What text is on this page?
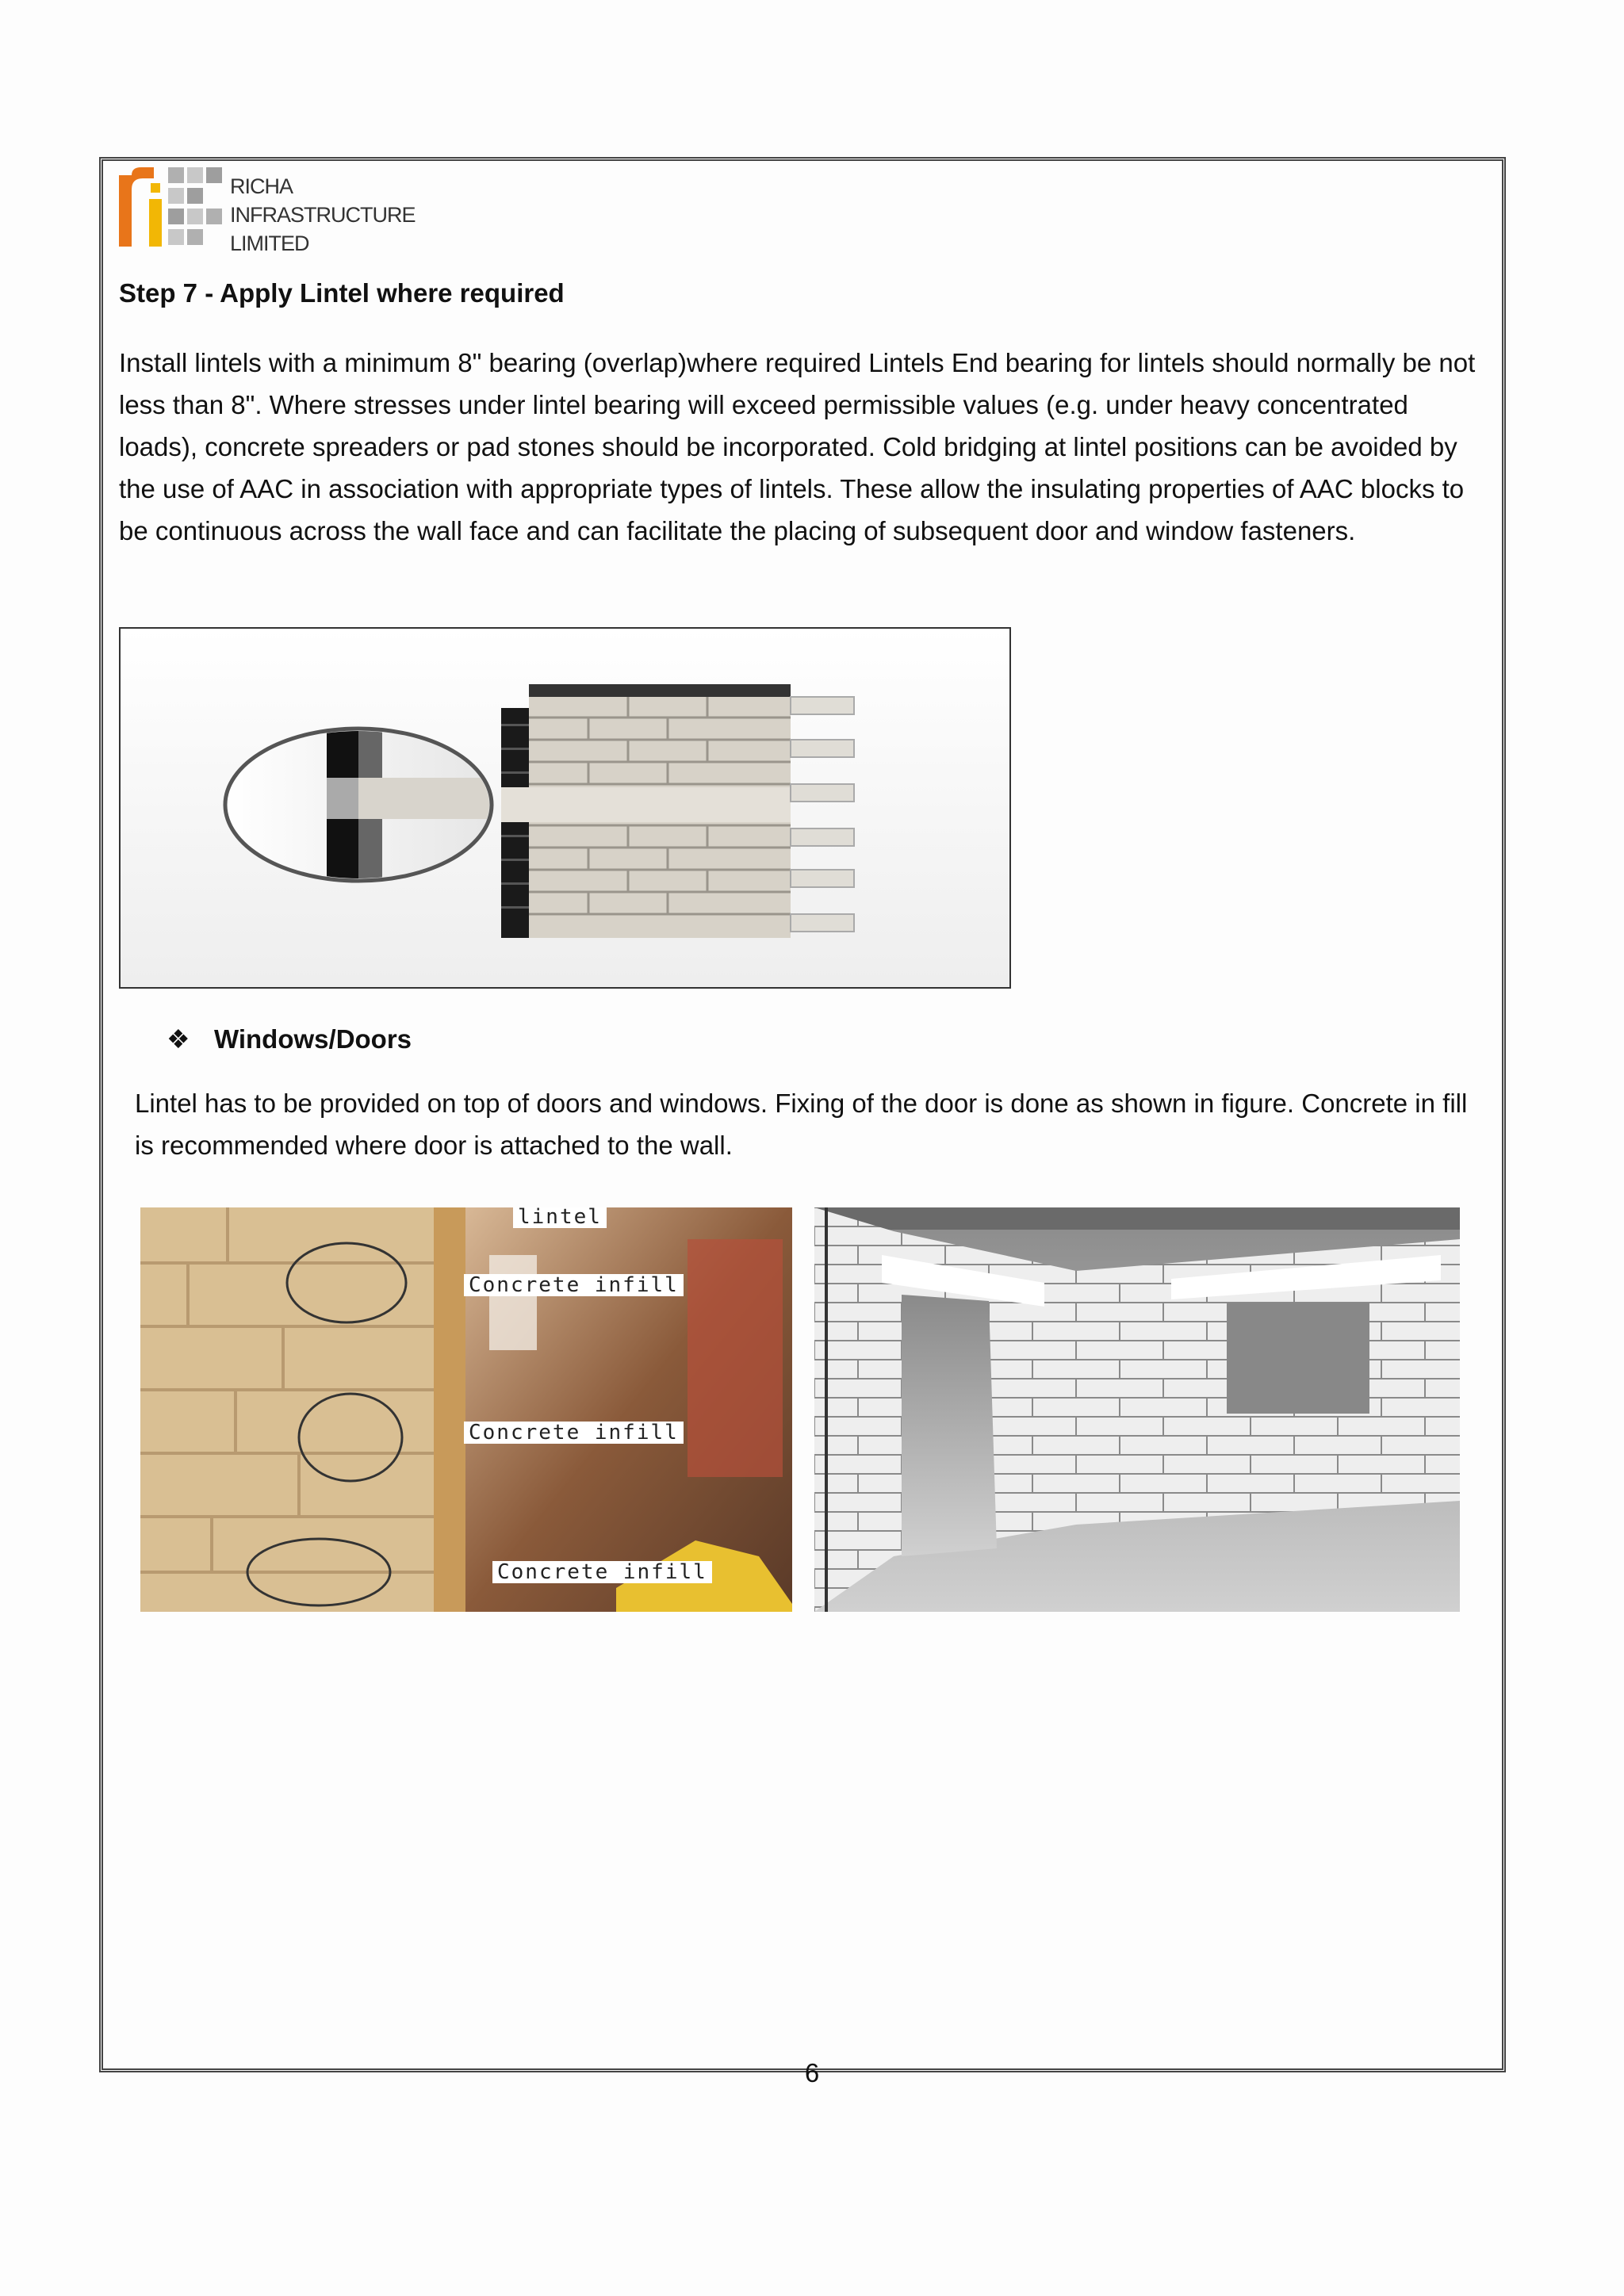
RICHA
INFRASTRUCTURE
LIMITED
Step 7 - Apply Lintel where required

Install lintels with a minimum 8" bearing (overlap)where required Lintels End bearing for lintels should normally be not less than 8". Where stresses under lintel bearing will exceed permissible values (e.g. under heavy concentrated loads), concrete spreaders or pad stones should be incorporated. Cold bridging at lintel positions can be avoided by the use of AAC in association with appropriate types of lintels. These allow the insulating properties of AAC blocks to be continuous across the wall face and can facilitate the placing of subsequent door and window fasteners.

❖ Windows/Doors

Lintel has to be provided on top of doors and windows. Fixing of the door is done as shown in figure. Concrete in fill is recommended where door is attached to the wall.

lintel
Concrete infill
Concrete infill
Concrete infill
6
